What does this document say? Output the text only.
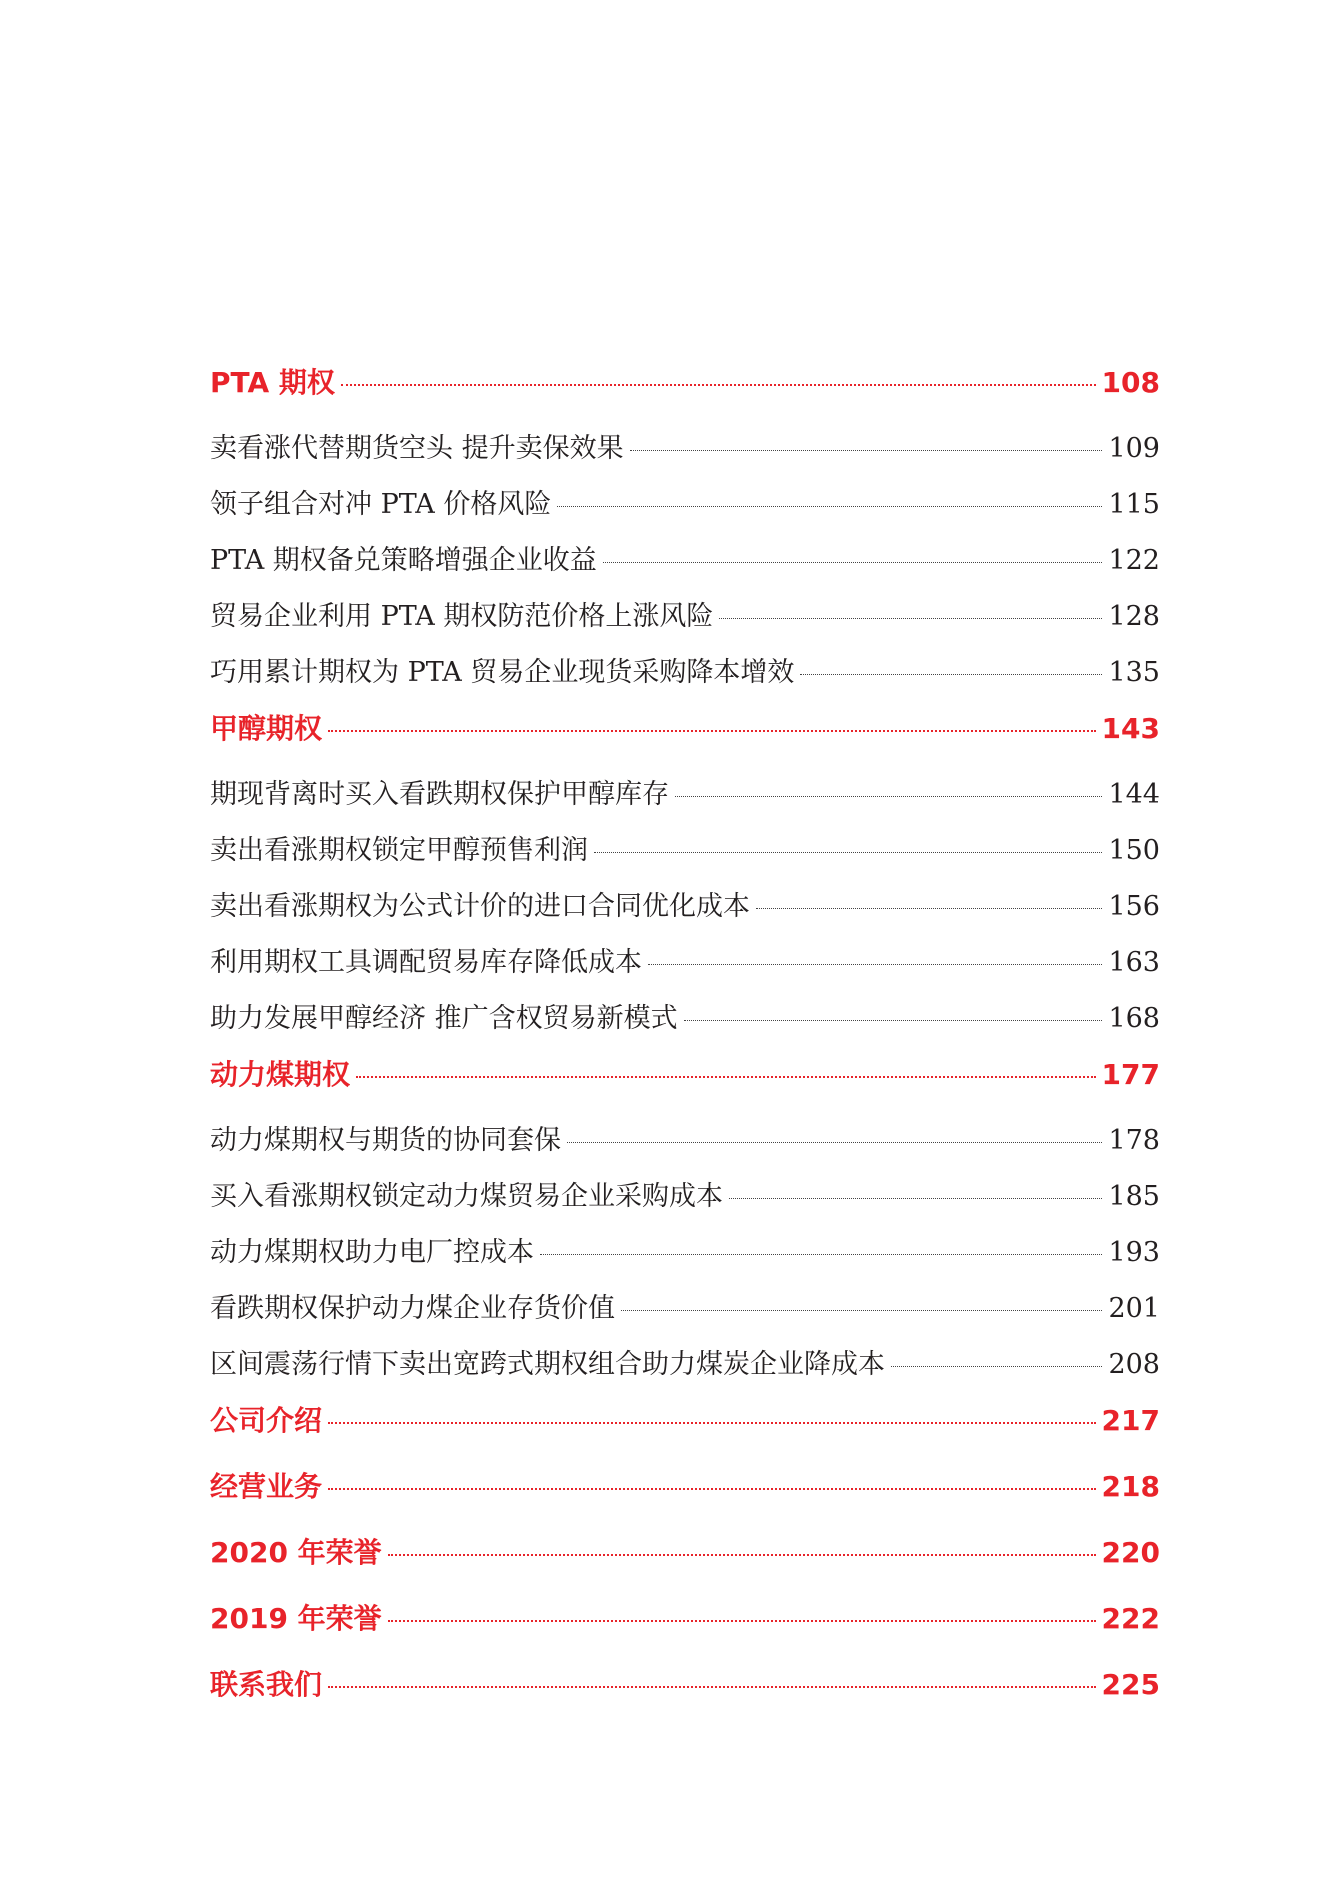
PTA 期权	108
卖看涨代替期货空头 提升卖保效果	109
领子组合对冲 PTA 价格风险	115
PTA 期权备兑策略增强企业收益	122
贸易企业利用 PTA 期权防范价格上涨风险	128
巧用累计期权为 PTA 贸易企业现货采购降本增效	135
甲醇期权	143
期现背离时买入看跌期权保护甲醇库存	144
卖出看涨期权锁定甲醇预售利润	150
卖出看涨期权为公式计价的进口合同优化成本	156
利用期权工具调配贸易库存降低成本	163
助力发展甲醇经济 推广含权贸易新模式	168
动力煤期权	177
动力煤期权与期货的协同套保	178
买入看涨期权锁定动力煤贸易企业采购成本	185
动力煤期权助力电厂控成本	193
看跌期权保护动力煤企业存货价值	201
区间震荡行情下卖出宽跨式期权组合助力煤炭企业降成本	208
公司介绍	217
经营业务	218
2020 年荣誉	220
2019 年荣誉	222
联系我们	225
